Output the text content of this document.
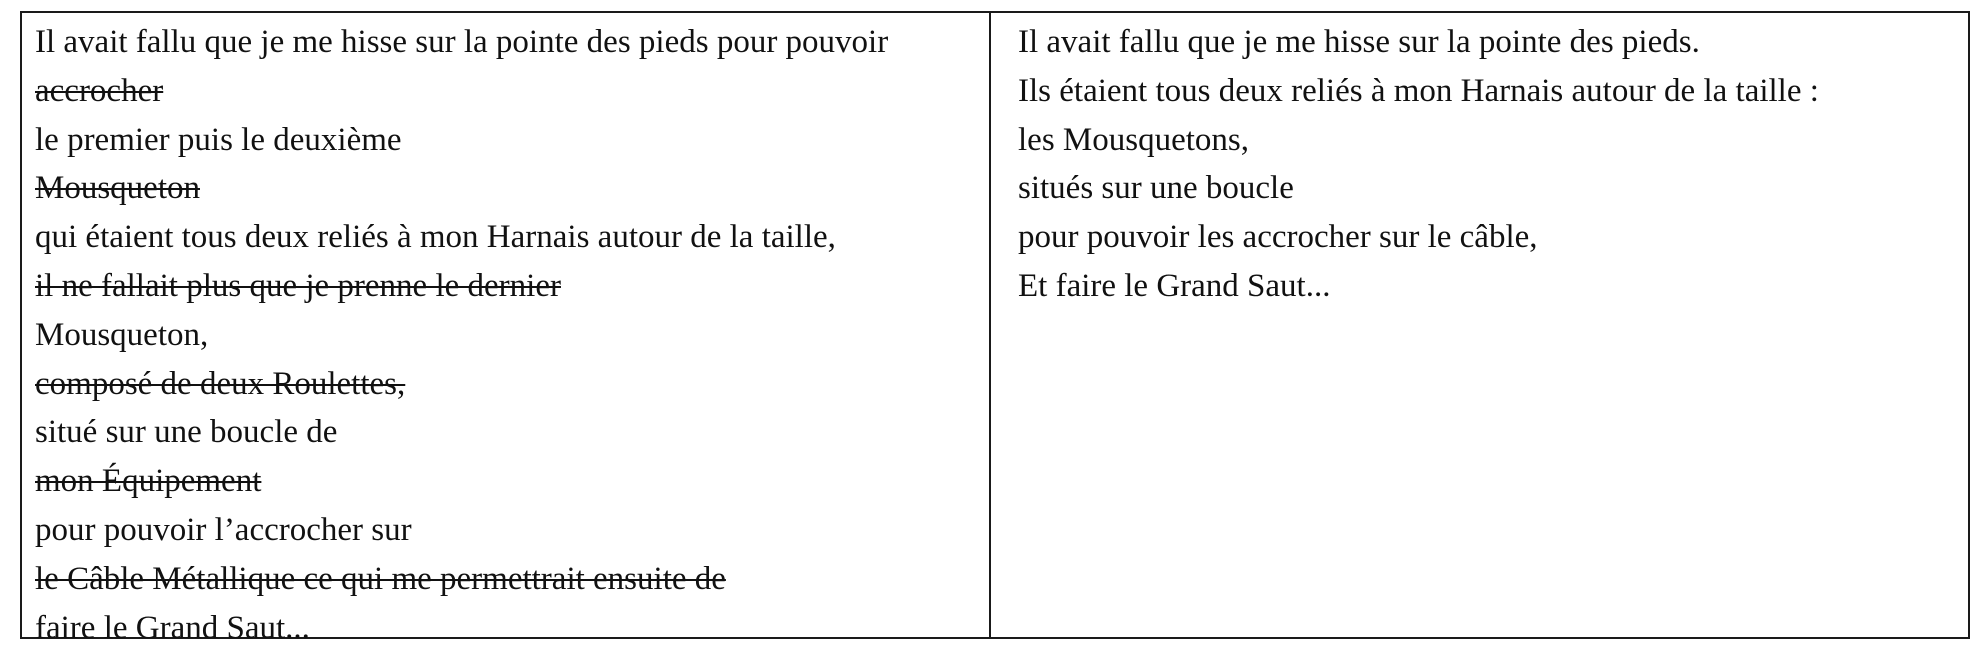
Il avait fallu que je me hisse sur la pointe des pieds pour pouvoir
accrocher
le premier puis le deuxième
Mousqueton
qui étaient tous deux reliés à mon Harnais autour de la taille,
il ne fallait plus que je prenne le dernier
Mousqueton,
composé de deux Roulettes,
situé sur une boucle de
mon Équipement
pour pouvoir l’accrocher sur
le Câble Métallique ce qui me permettrait ensuite de
faire le Grand Saut...
Il avait fallu que je me hisse sur la pointe des pieds.
Ils étaient tous deux reliés à mon Harnais autour de la taille :
les Mousquetons,
situés sur une boucle
pour pouvoir les accrocher sur le câble,
Et faire le Grand Saut...
